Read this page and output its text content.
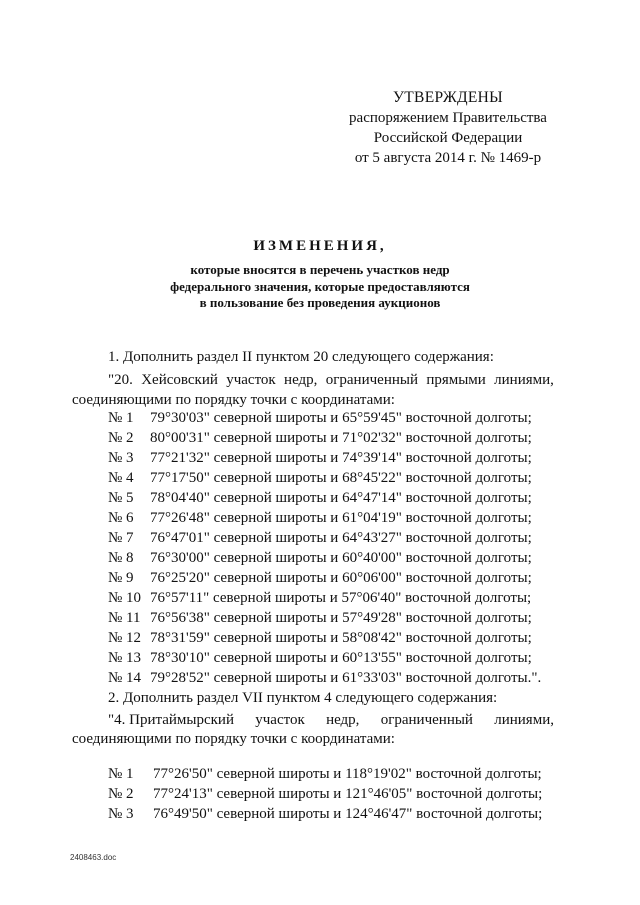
УТВЕРЖДЕНЫ
распоряжением Правительства
Российской Федерации
от 5 августа 2014 г. № 1469-р
ИЗМЕНЕНИЯ,
которые вносятся в перечень участков недр
федерального значения, которые предоставляются
в пользование без проведения аукционов
1. Дополнить раздел II пунктом 20 следующего содержания:
"20. Хейсовский участок недр, ограниченный прямыми линиями,
соединяющими по порядку точки с координатами:
№ 1 79°30'03" северной широты и 65°59'45" восточной долготы;
№ 2 80°00'31" северной широты и 71°02'32" восточной долготы;
№ 3 77°21'32" северной широты и 74°39'14" восточной долготы;
№ 4 77°17'50" северной широты и 68°45'22" восточной долготы;
№ 5 78°04'40" северной широты и 64°47'14" восточной долготы;
№ 6 77°26'48" северной широты и 61°04'19" восточной долготы;
№ 7 76°47'01" северной широты и 64°43'27" восточной долготы;
№ 8 76°30'00" северной широты и 60°40'00" восточной долготы;
№ 9 76°25'20" северной широты и 60°06'00" восточной долготы;
№ 10 76°57'11" северной широты и 57°06'40" восточной долготы;
№ 11 76°56'38" северной широты и 57°49'28" восточной долготы;
№ 12 78°31'59" северной широты и 58°08'42" восточной долготы;
№ 13 78°30'10" северной широты и 60°13'55" восточной долготы;
№ 14 79°28'52" северной широты и 61°33'03" восточной долготы.".
2. Дополнить раздел VII пунктом 4 следующего содержания:
"4. Притаймырский участок недр, ограниченный линиями,
соединяющими по порядку точки с координатами:
№ 1 77°26'50" северной широты и 118°19'02" восточной долготы;
№ 2 77°24'13" северной широты и 121°46'05" восточной долготы;
№ 3 76°49'50" северной широты и 124°46'47" восточной долготы;
2408463.doc
